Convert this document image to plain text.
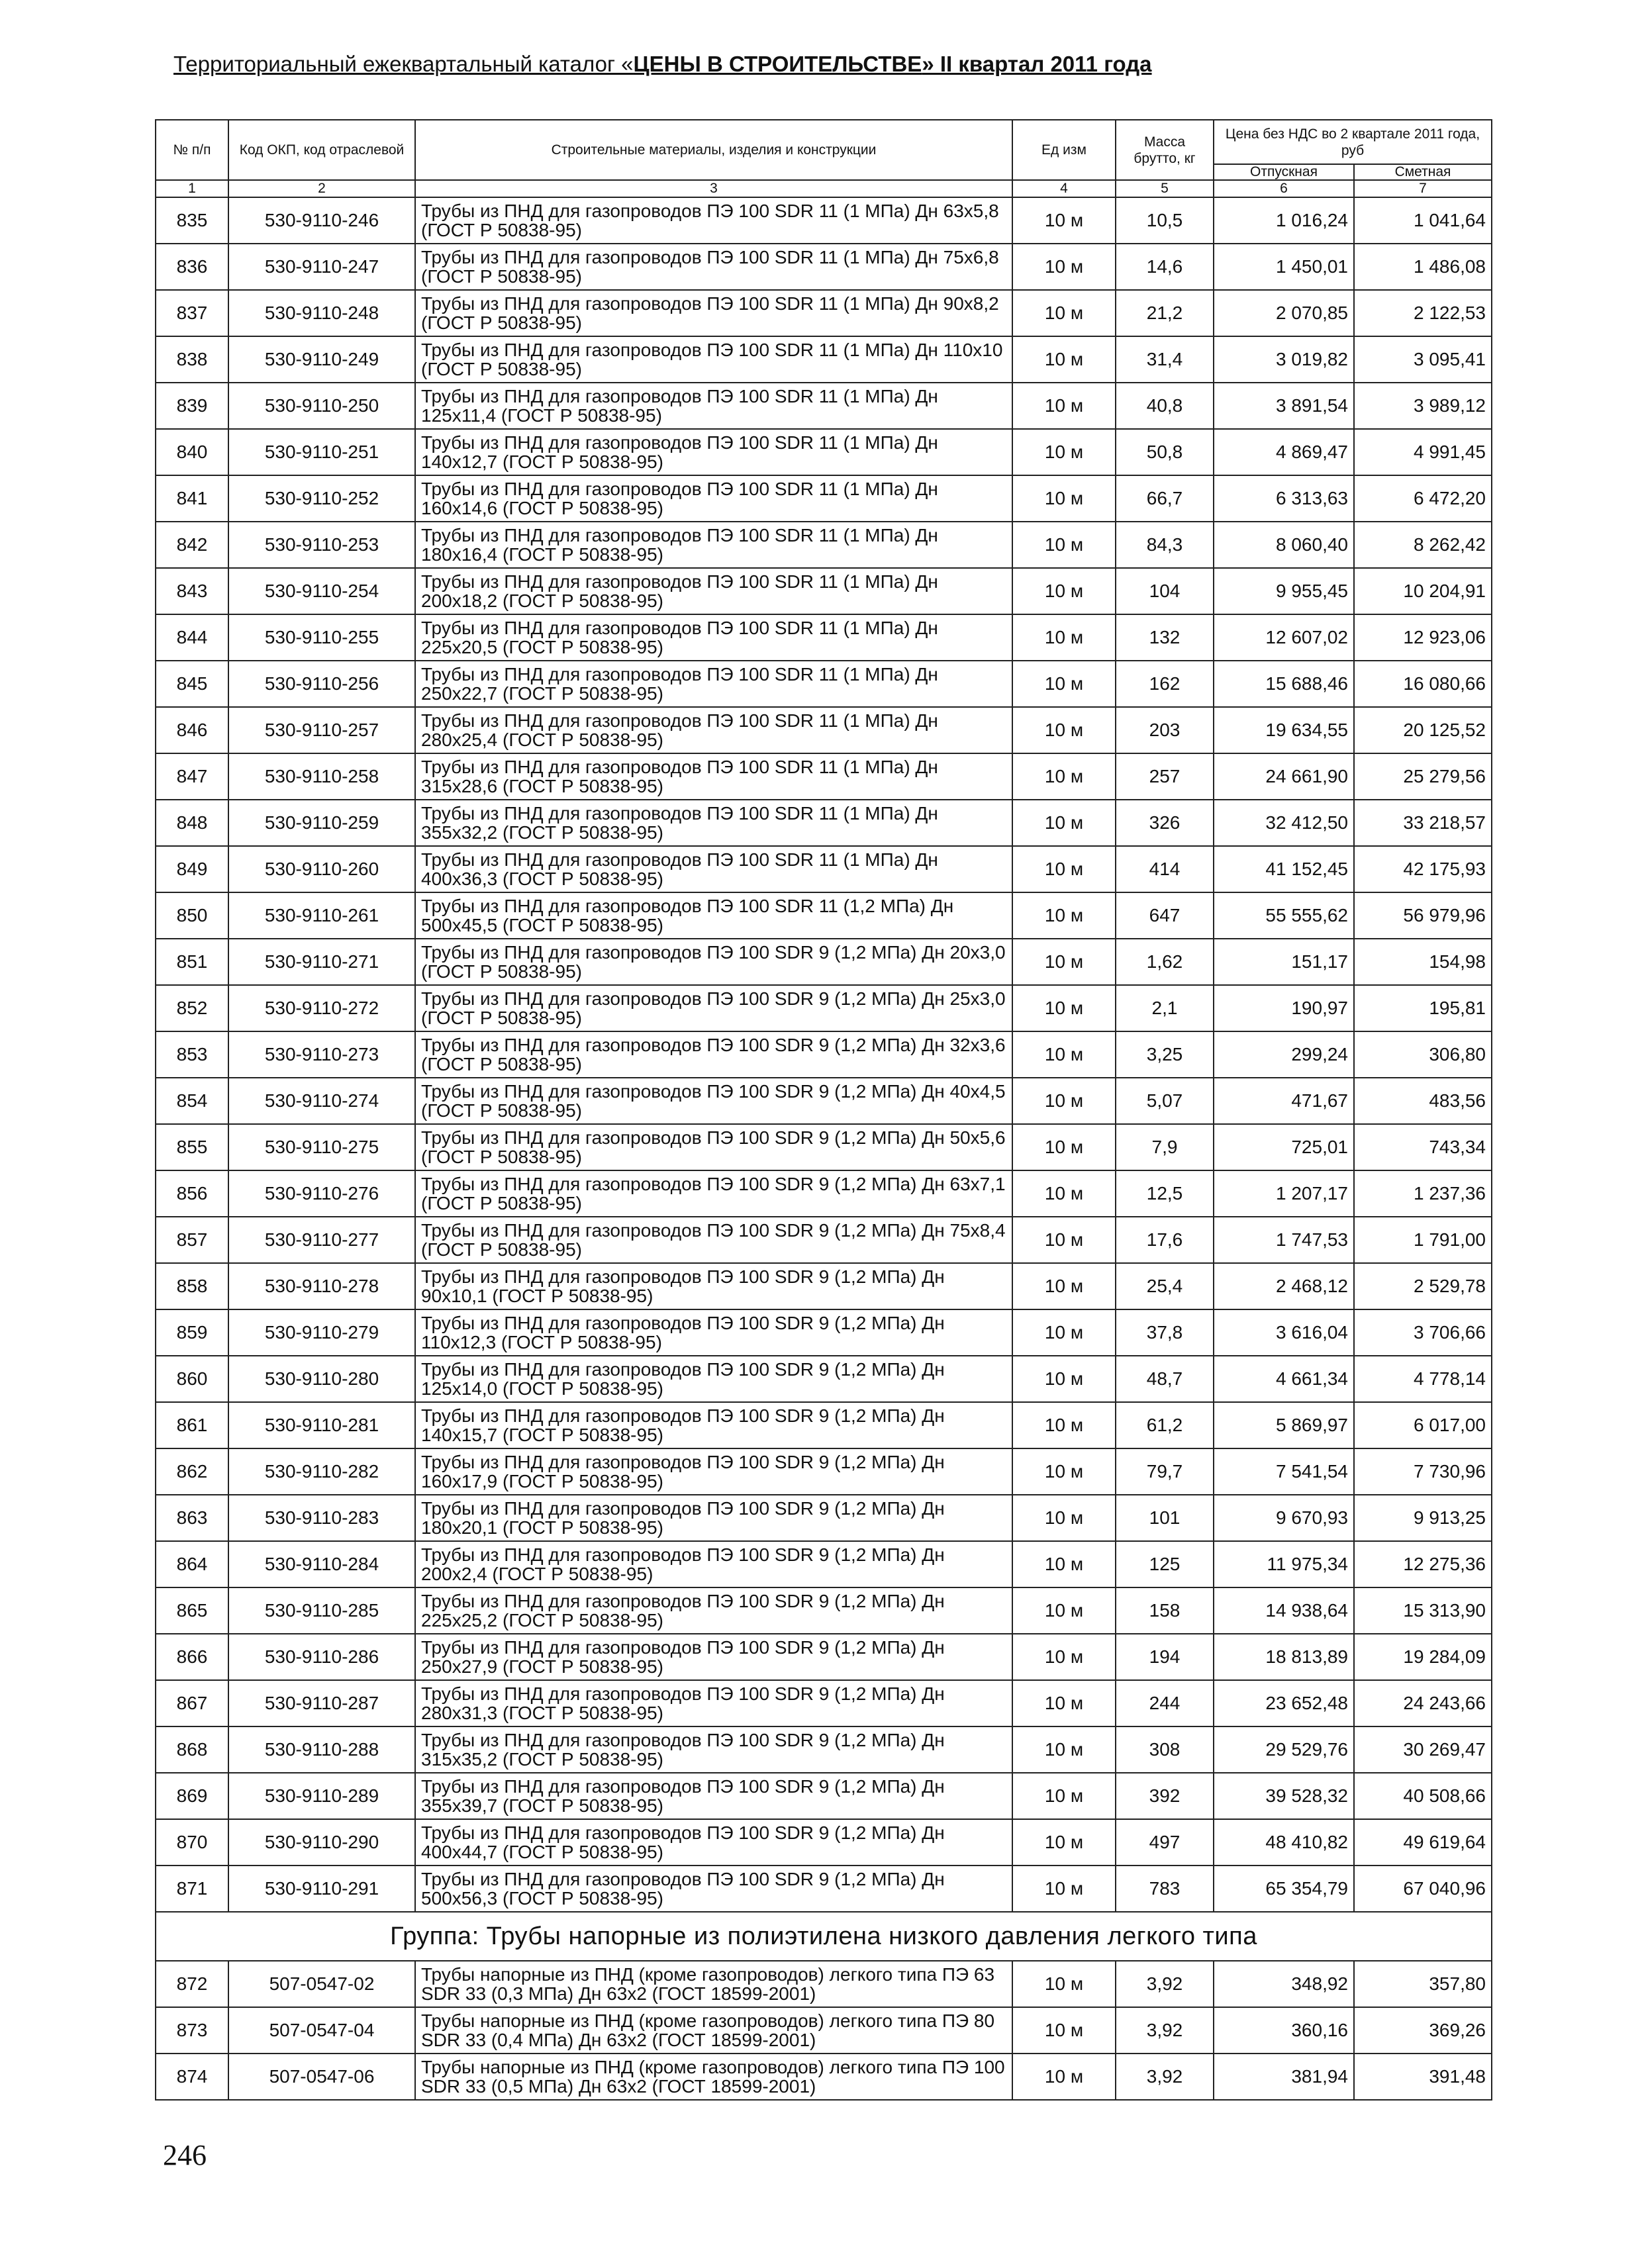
Территориальный ежеквартальный каталог «ЦЕНЫ В СТРОИТЕЛЬСТВЕ» II квартал 2011 года
№ п/п	Код ОКП, код отраслевой	Строительные материалы, изделия и конструкции	Ед изм	Масса брутто, кг	Цена без НДС во 2 квартале 2011 года, руб	
					Отпускная	Сметная
1	2	3	4	5	6	7
835	530-9110-246	Трубы из ПНД для газопроводов ПЭ 100 SDR 11 (1 МПа) Дн 63х5,8 (ГОСТ Р 50838-95)	10 м	10,5	1 016,24	1 041,64
836	530-9110-247	Трубы из ПНД для газопроводов ПЭ 100 SDR 11 (1 МПа) Дн 75х6,8 (ГОСТ Р 50838-95)	10 м	14,6	1 450,01	1 486,08
837	530-9110-248	Трубы из ПНД для газопроводов ПЭ 100 SDR 11 (1 МПа) Дн 90х8,2 (ГОСТ Р 50838-95)	10 м	21,2	2 070,85	2 122,53
838	530-9110-249	Трубы из ПНД для газопроводов ПЭ 100 SDR 11 (1 МПа) Дн 110х10 (ГОСТ Р 50838-95)	10 м	31,4	3 019,82	3 095,41
839	530-9110-250	Трубы из ПНД для газопроводов ПЭ 100 SDR 11 (1 МПа) Дн 125х11,4 (ГОСТ Р 50838-95)	10 м	40,8	3 891,54	3 989,12
840	530-9110-251	Трубы из ПНД для газопроводов ПЭ 100 SDR 11 (1 МПа) Дн 140х12,7 (ГОСТ Р 50838-95)	10 м	50,8	4 869,47	4 991,45
841	530-9110-252	Трубы из ПНД для газопроводов ПЭ 100 SDR 11 (1 МПа) Дн 160х14,6 (ГОСТ Р 50838-95)	10 м	66,7	6 313,63	6 472,20
842	530-9110-253	Трубы из ПНД для газопроводов ПЭ 100 SDR 11 (1 МПа) Дн 180х16,4 (ГОСТ Р 50838-95)	10 м	84,3	8 060,40	8 262,42
843	530-9110-254	Трубы из ПНД для газопроводов ПЭ 100 SDR 11 (1 МПа) Дн 200х18,2 (ГОСТ Р 50838-95)	10 м	104	9 955,45	10 204,91
844	530-9110-255	Трубы из ПНД для газопроводов ПЭ 100 SDR 11 (1 МПа) Дн 225х20,5 (ГОСТ Р 50838-95)	10 м	132	12 607,02	12 923,06
845	530-9110-256	Трубы из ПНД для газопроводов ПЭ 100 SDR 11 (1 МПа) Дн 250х22,7 (ГОСТ Р 50838-95)	10 м	162	15 688,46	16 080,66
846	530-9110-257	Трубы из ПНД для газопроводов ПЭ 100 SDR 11 (1 МПа) Дн 280х25,4 (ГОСТ Р 50838-95)	10 м	203	19 634,55	20 125,52
847	530-9110-258	Трубы из ПНД для газопроводов ПЭ 100 SDR 11 (1 МПа) Дн 315х28,6 (ГОСТ Р 50838-95)	10 м	257	24 661,90	25 279,56
848	530-9110-259	Трубы из ПНД для газопроводов ПЭ 100 SDR 11 (1 МПа) Дн 355х32,2 (ГОСТ Р 50838-95)	10 м	326	32 412,50	33 218,57
849	530-9110-260	Трубы из ПНД для газопроводов ПЭ 100 SDR 11 (1 МПа) Дн 400х36,3 (ГОСТ Р 50838-95)	10 м	414	41 152,45	42 175,93
850	530-9110-261	Трубы из ПНД для газопроводов ПЭ 100 SDR 11 (1,2 МПа) Дн 500х45,5 (ГОСТ Р 50838-95)	10 м	647	55 555,62	56 979,96
851	530-9110-271	Трубы из ПНД для газопроводов ПЭ 100 SDR 9 (1,2 МПа) Дн 20х3,0 (ГОСТ Р 50838-95)	10 м	1,62	151,17	154,98
852	530-9110-272	Трубы из ПНД для газопроводов ПЭ 100 SDR 9 (1,2 МПа) Дн 25х3,0 (ГОСТ Р 50838-95)	10 м	2,1	190,97	195,81
853	530-9110-273	Трубы из ПНД для газопроводов ПЭ 100 SDR 9 (1,2 МПа) Дн 32х3,6 (ГОСТ Р 50838-95)	10 м	3,25	299,24	306,80
854	530-9110-274	Трубы из ПНД для газопроводов ПЭ 100 SDR 9 (1,2 МПа) Дн 40х4,5 (ГОСТ Р 50838-95)	10 м	5,07	471,67	483,56
855	530-9110-275	Трубы из ПНД для газопроводов ПЭ 100 SDR 9 (1,2 МПа) Дн 50х5,6 (ГОСТ Р 50838-95)	10 м	7,9	725,01	743,34
856	530-9110-276	Трубы из ПНД для газопроводов ПЭ 100 SDR 9 (1,2 МПа) Дн 63х7,1 (ГОСТ Р 50838-95)	10 м	12,5	1 207,17	1 237,36
857	530-9110-277	Трубы из ПНД для газопроводов ПЭ 100 SDR 9 (1,2 МПа) Дн 75х8,4 (ГОСТ Р 50838-95)	10 м	17,6	1 747,53	1 791,00
858	530-9110-278	Трубы из ПНД для газопроводов ПЭ 100 SDR 9 (1,2 МПа) Дн 90х10,1 (ГОСТ Р 50838-95)	10 м	25,4	2 468,12	2 529,78
859	530-9110-279	Трубы из ПНД для газопроводов ПЭ 100 SDR 9 (1,2 МПа) Дн 110х12,3 (ГОСТ Р 50838-95)	10 м	37,8	3 616,04	3 706,66
860	530-9110-280	Трубы из ПНД для газопроводов ПЭ 100 SDR 9 (1,2 МПа) Дн 125х14,0 (ГОСТ Р 50838-95)	10 м	48,7	4 661,34	4 778,14
861	530-9110-281	Трубы из ПНД для газопроводов ПЭ 100 SDR 9 (1,2 МПа) Дн 140х15,7 (ГОСТ Р 50838-95)	10 м	61,2	5 869,97	6 017,00
862	530-9110-282	Трубы из ПНД для газопроводов ПЭ 100 SDR 9 (1,2 МПа) Дн 160х17,9 (ГОСТ Р 50838-95)	10 м	79,7	7 541,54	7 730,96
863	530-9110-283	Трубы из ПНД для газопроводов ПЭ 100 SDR 9 (1,2 МПа) Дн 180х20,1 (ГОСТ Р 50838-95)	10 м	101	9 670,93	9 913,25
864	530-9110-284	Трубы из ПНД для газопроводов ПЭ 100 SDR 9 (1,2 МПа) Дн 200х2,4 (ГОСТ Р 50838-95)	10 м	125	11 975,34	12 275,36
865	530-9110-285	Трубы из ПНД для газопроводов ПЭ 100 SDR 9 (1,2 МПа) Дн 225х25,2 (ГОСТ Р 50838-95)	10 м	158	14 938,64	15 313,90
866	530-9110-286	Трубы из ПНД для газопроводов ПЭ 100 SDR 9 (1,2 МПа) Дн 250х27,9 (ГОСТ Р 50838-95)	10 м	194	18 813,89	19 284,09
867	530-9110-287	Трубы из ПНД для газопроводов ПЭ 100 SDR 9 (1,2 МПа) Дн 280х31,3 (ГОСТ Р 50838-95)	10 м	244	23 652,48	24 243,66
868	530-9110-288	Трубы из ПНД для газопроводов ПЭ 100 SDR 9 (1,2 МПа) Дн 315х35,2 (ГОСТ Р 50838-95)	10 м	308	29 529,76	30 269,47
869	530-9110-289	Трубы из ПНД для газопроводов ПЭ 100 SDR 9 (1,2 МПа) Дн 355х39,7 (ГОСТ Р 50838-95)	10 м	392	39 528,32	40 508,66
870	530-9110-290	Трубы из ПНД для газопроводов ПЭ 100 SDR 9 (1,2 МПа) Дн 400х44,7 (ГОСТ Р 50838-95)	10 м	497	48 410,82	49 619,64
871	530-9110-291	Трубы из ПНД для газопроводов ПЭ 100 SDR 9 (1,2 МПа) Дн 500х56,3 (ГОСТ Р 50838-95)	10 м	783	65 354,79	67 040,96
Группа: Трубы напорные из полиэтилена низкого давления легкого типа						
872	507-0547-02	Трубы напорные из ПНД (кроме газопроводов) легкого типа ПЭ 63 SDR 33 (0,3 МПа) Дн 63х2 (ГОСТ 18599-2001)	10 м	3,92	348,92	357,80
873	507-0547-04	Трубы напорные из ПНД (кроме газопроводов) легкого типа ПЭ 80 SDR 33 (0,4 МПа) Дн 63х2 (ГОСТ 18599-2001)	10 м	3,92	360,16	369,26
874	507-0547-06	Трубы напорные из ПНД (кроме газопроводов) легкого типа ПЭ 100 SDR 33 (0,5 МПа) Дн 63х2 (ГОСТ 18599-2001)	10 м	3,92	381,94	391,48
246
